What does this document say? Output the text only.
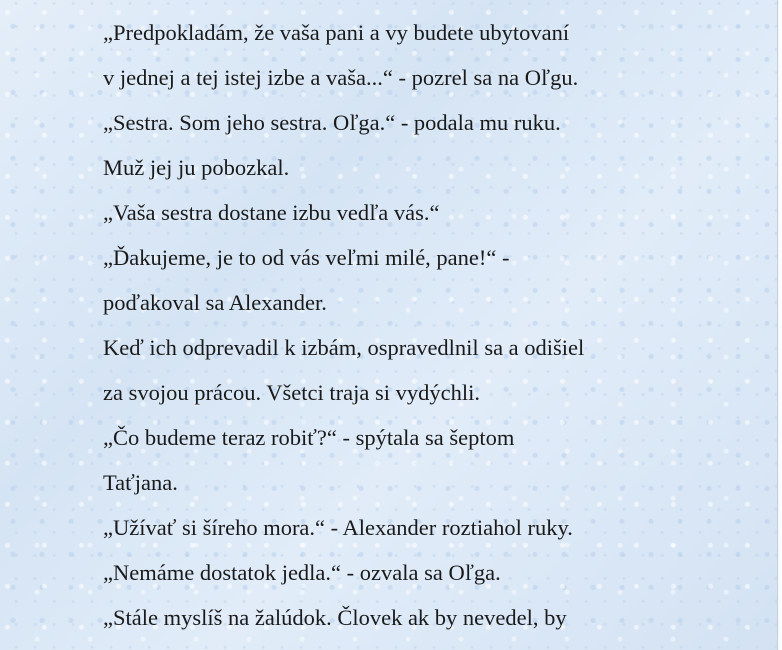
„Predpokladám, že vaša pani a vy budete ubytovaní
v jednej a tej istej izbe a vaša...“ - pozrel sa na Oľgu.
„Sestra. Som jeho sestra. Oľga.“ - podala mu ruku.
Muž jej ju pobozkal.
„Vaša sestra dostane izbu vedľa vás.“
„Ďakujeme, je to od vás veľmi milé, pane!“ -
poďakoval sa Alexander.
Keď ich odprevadil k izbám, ospravedlnil sa a odišiel
za svojou prácou. Všetci traja si vydýchli.
„Čo budeme teraz robiť?“ - spýtala sa šeptom
Taťjana.
„Užívať si šíreho mora.“ - Alexander roztiahol ruky.
„Nemáme dostatok jedla.“ - ozvala sa Oľga.
„Stále myslíš na žalúdok. Človek ak by nevedel, by
